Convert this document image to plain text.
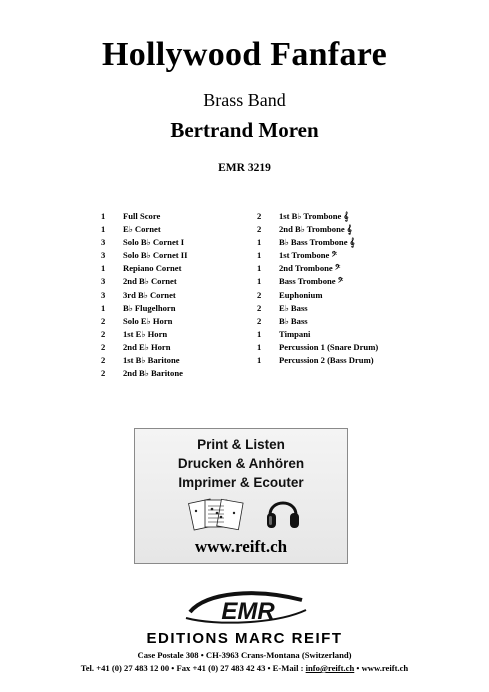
Hollywood Fanfare
Brass Band
Bertrand Moren
EMR 3219
1	Full Score
1	E♭ Cornet
3	Solo B♭ Cornet I
3	Solo B♭ Cornet II
1	Repiano Cornet
3	2nd B♭ Cornet
3	3rd B♭ Cornet
1	B♭ Flugelhorn
2	Solo E♭ Horn
2	1st E♭ Horn
2	2nd E♭ Horn
2	1st B♭ Baritone
2	2nd B♭ Baritone
2	1st B♭ Trombone 𝄞
2	2nd B♭ Trombone 𝄞
1	B♭ Bass Trombone 𝄞
1	1st Trombone 𝄢
1	2nd Trombone 𝄢
1	Bass Trombone 𝄢
2	Euphonium
2	E♭ Bass
2	B♭ Bass
1	Timpani
1	Percussion 1 (Snare Drum)
1	Percussion 2 (Bass Drum)
Print & Listen
Drucken & Anhören
Imprimer & Ecouter
www.reift.ch
EMR
EDITIONS MARC REIFT
Case Postale 308 • CH-3963 Crans-Montana (Switzerland)
Tel. +41 (0) 27 483 12 00 • Fax +41 (0) 27 483 42 43 • E-Mail : info@reift.ch • www.reift.ch
